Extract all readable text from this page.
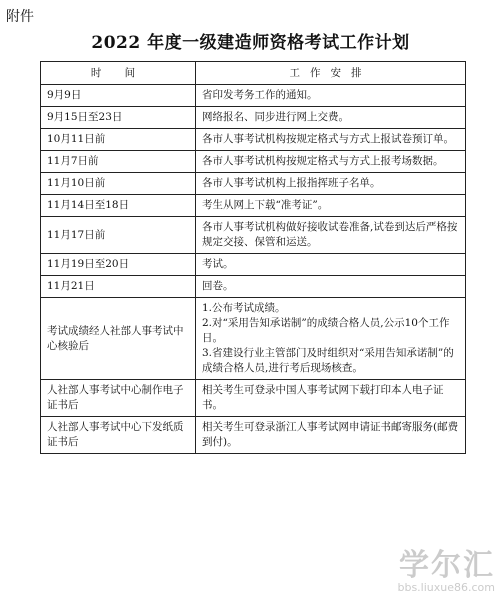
附件
2022 年度一级建造师资格考试工作计划
时 间	工作安排
9月9日	省印发考务工作的通知。
9月15日至23日	网络报名、同步进行网上交费。
10月11日前	各市人事考试机构按规定格式与方式上报试卷预订单。
11月7日前	各市人事考试机构按规定格式与方式上报考场数据。
11月10日前	各市人事考试机构上报指挥班子名单。
11月14日至18日	考生从网上下载“准考证”。
11月17日前	各市人事考试机构做好接收试卷准备,试卷到达后严格按规定交接、保管和运送。
11月19日至20日	考试。
11月21日	回卷。
考试成绩经人社部人事考试中心核验后	1.公布考试成绩。
2.对“采用告知承诺制”的成绩合格人员,公示10个工作日。
3.省建设行业主管部门及时组织对“采用告知承诺制”的成绩合格人员,进行考后现场核查。

人社部人事考试中心制作电子证书后	相关考生可登录中国人事考试网下载打印本人电子证书。
人社部人事考试中心下发纸质证书后	相关考生可登录浙江人事考试网申请证书邮寄服务(邮费到付)。
学尔汇
bbs.liuxue86.com
